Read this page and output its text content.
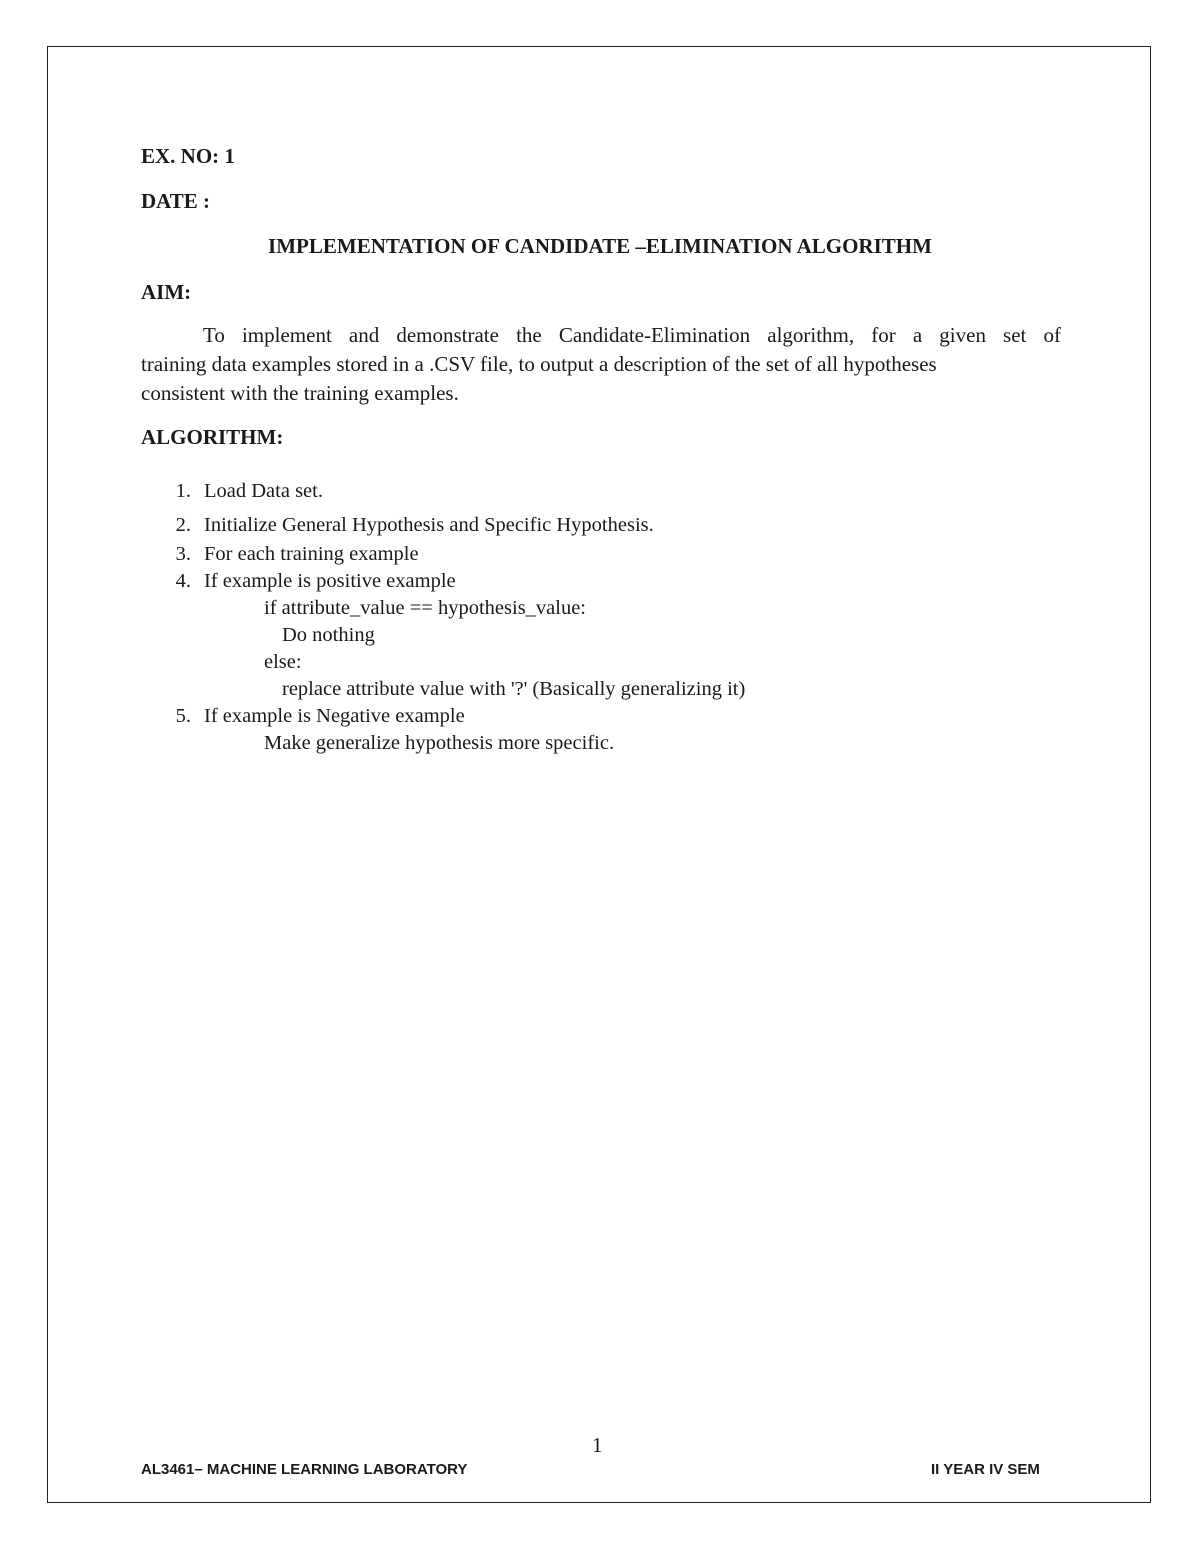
EX. NO: 1
DATE :
IMPLEMENTATION OF CANDIDATE –ELIMINATION ALGORITHM
AIM:
To implement and demonstrate the Candidate-Elimination algorithm, for a given set of
training data examples stored in a .CSV file, to output a description of the set of all hypotheses
consistent with the training examples.
ALGORITHM:
1. Load Data set.
2. Initialize General Hypothesis and Specific Hypothesis.
3. For each training example
4. If example is positive example
if attribute_value == hypothesis_value:
Do nothing
else:
replace attribute value with '?' (Basically generalizing it)
5. If example is Negative example
Make generalize hypothesis more specific.
1
AL3461– MACHINE LEARNING LABORATORY	II YEAR IV SEM
